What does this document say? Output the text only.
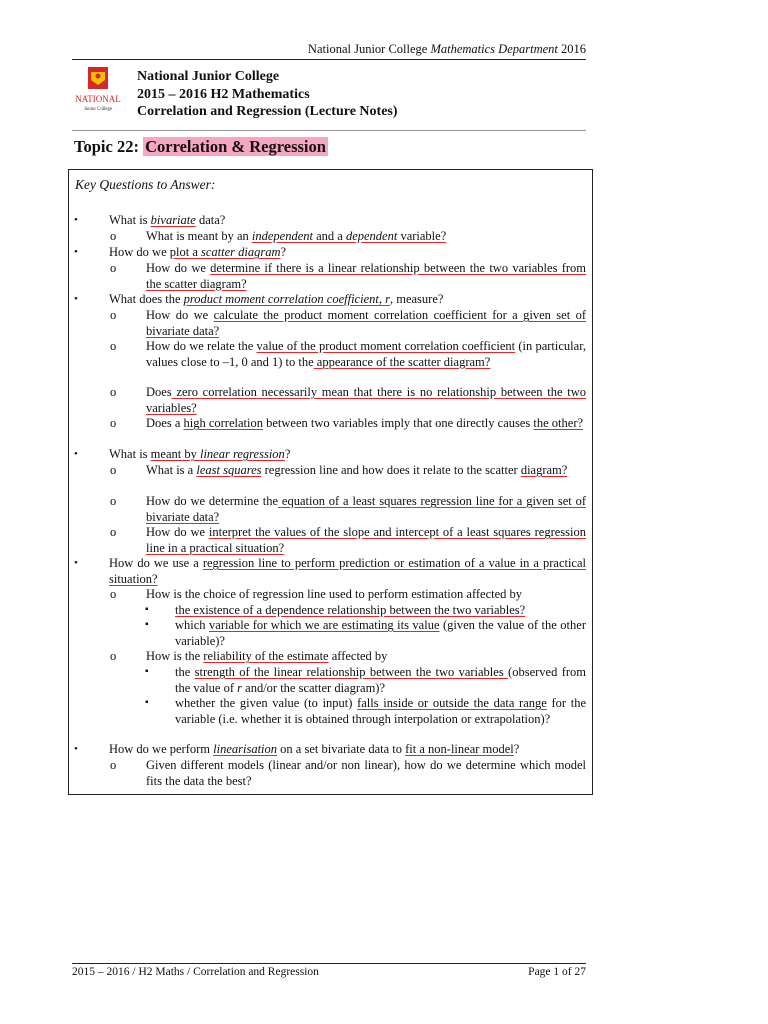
National Junior College Mathematics Department 2016
NATIONAL
Junior College
National Junior College
2015 – 2016 H2 Mathematics
Correlation and Regression (Lecture Notes)
Topic 22: Correlation & Regression
Key Questions to Answer:
• What is bivariate data?
o What is meant by an independent and a dependent variable?
• How do we plot a scatter diagram?
o How do we determine if there is a linear relationship between the two variables from the scatter diagram?
• What does the product moment correlation coefficient, r, measure?
o How do we calculate the product moment correlation coefficient for a given set of bivariate data?
o How do we relate the value of the product moment correlation coefficient (in particular, values close to –1, 0 and 1) to the appearance of the scatter diagram?
o Does zero correlation necessarily mean that there is no relationship between the two variables?
o Does a high correlation between two variables imply that one directly causes the other?
• What is meant by linear regression?
o What is a least squares regression line and how does it relate to the scatter diagram?
o How do we determine the equation of a least squares regression line for a given set of bivariate data?
o How do we interpret the values of the slope and intercept of a least squares regression line in a practical situation?
• How do we use a regression line to perform prediction or estimation of a value in a practical situation?
o How is the choice of regression line used to perform estimation affected by
▪ the existence of a dependence relationship between the two variables?
▪ which variable for which we are estimating its value (given the value of the other variable)?
o How is the reliability of the estimate affected by
▪ the strength of the linear relationship between the two variables (observed from the value of r and/or the scatter diagram)?
▪ whether the given value (to input) falls inside or outside the data range for the variable (i.e. whether it is obtained through interpolation or extrapolation)?
• How do we perform linearisation on a set bivariate data to fit a non-linear model?
o Given different models (linear and/or non linear), how do we determine which model fits the data the best?
2015 – 2016 / H2 Maths / Correlation and Regression	Page 1 of 27
